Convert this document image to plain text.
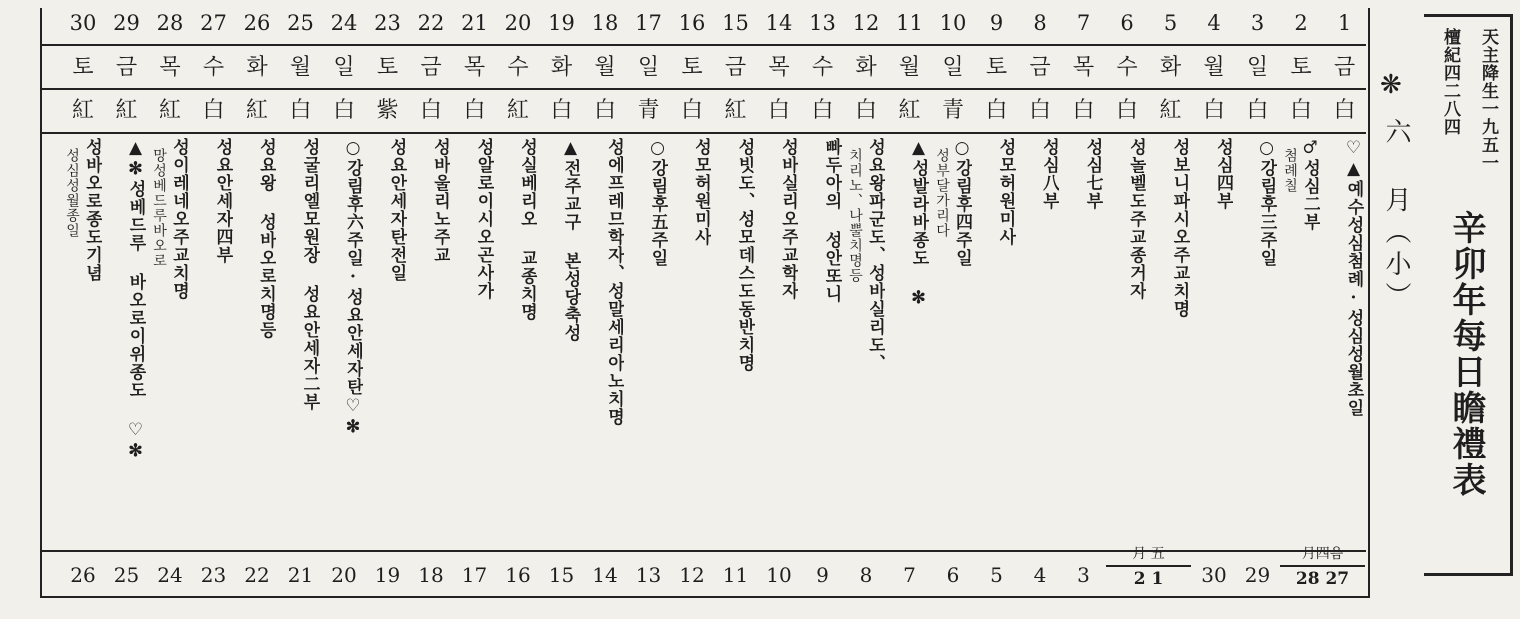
1
금
白
♡▲예수성심첨례·성심성월초일
2
토
白
♂성심二부
첨례칠
3
일
白
○강림후三주일
4
월
白
성심四부
5
화
紅
성보니파시오주교치명
6
수
白
성놀벨도주교종거자
7
목
白
성심七부
8
금
白
성심八부
9
토
白
성모허원미사
10
일
青
○강림후四주일
성부달가리다
11
월
紅
▲성발라바종도 ✻
12
화
白
성요왕파군도、성바실리도、
치리노、나뿔치명등
13
수
白
빠두아의 성안또니
14
목
白
성바실리오주교학자
15
금
紅
성빗도、성모데스도동반치명
16
토
白
성모허원미사
17
일
青
○강림후五주일
18
월
白
성에프레므학자、성말세리아노치명
19
화
白
▲전주교구 본성당축성
20
수
紅
성실베리오 교종치명
21
목
白
성알로이시오곤사가
22
금
白
성바울리노주교
23
토
紫
성요안세자탄전일
24
일
白
○강림후六주일·성요안세자탄♡✻
25
월
白
성굴리엘모원장 성요안세자二부
26
화
紅
성요왕 성바오로치명등
27
수
白
성요안세자四부
28
목
紅
성이레네오주교치명
망성베드루바오로
29
금
紅
▲✻성베드루 바오로이위종도 ♡✻
30
토
紅
성바오로종도기념
성심성월종일
月四음
28 27
29
30
月 五
2 1
3
4
5
6
7
8
9
10
11
12
13
14
15
16
17
18
19
20
21
22
23
24
25
26
天主降生一九五一
檀紀四二八四
辛卯年每日瞻禮表
❋
六 月（小）
